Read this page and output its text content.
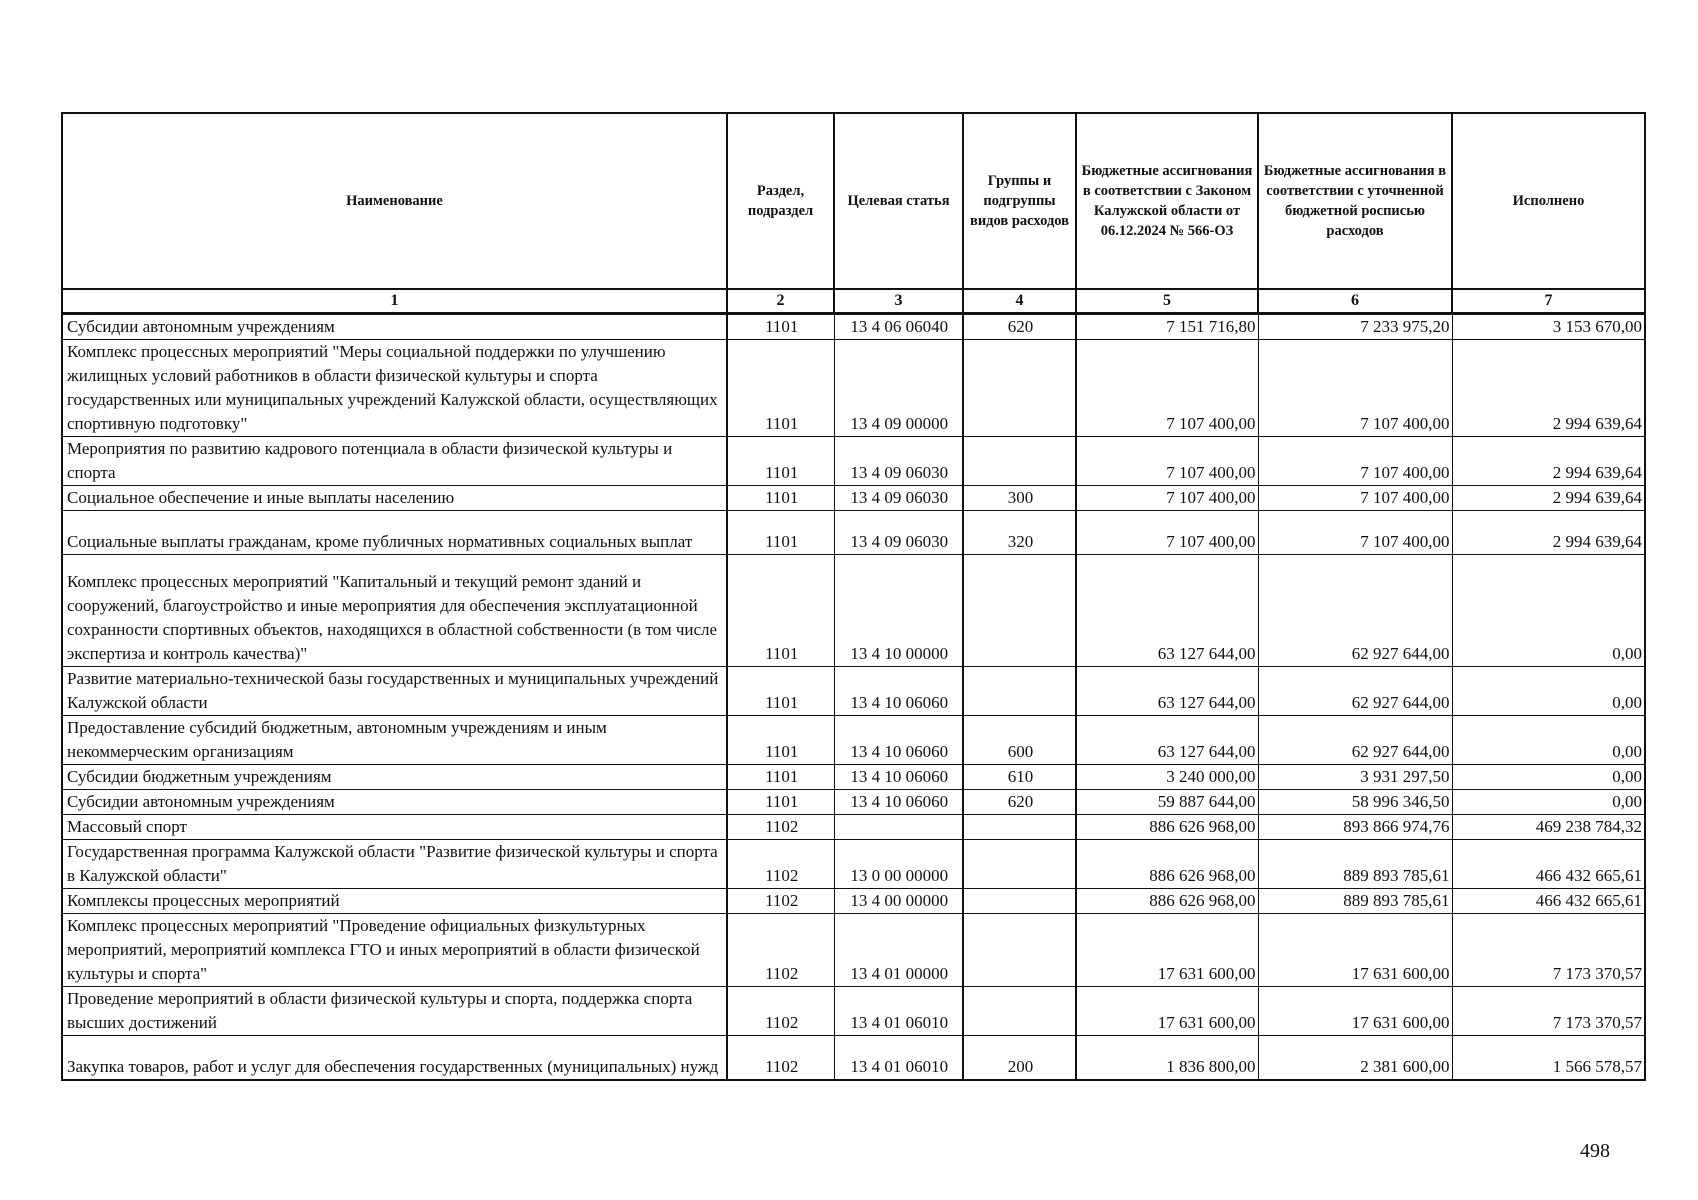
Наименование	Раздел, подраздел	Целевая статья	Группы и подгруппы видов расходов	Бюджетные ассигнования в соответствии с Законом Калужской области от 06.12.2024 № 566-ОЗ	Бюджетные ассигнования в соответствии с уточненной бюджетной росписью расходов	Исполнено
1	2	3	4	5	6	7
Субсидии автономным учреждениям	1101	13 4 06 06040	620	7 151 716,80	7 233 975,20	3 153 670,00
Комплекс процессных мероприятий "Меры социальной поддержки по улучшению жилищных условий работников в области физической культуры и спорта государственных или муниципальных учреждений Калужской области, осуществляющих спортивную подготовку"	1101	13 4 09 00000		7 107 400,00	7 107 400,00	2 994 639,64
Мероприятия по развитию кадрового потенциала в области физической культуры и спорта	1101	13 4 09 06030		7 107 400,00	7 107 400,00	2 994 639,64
Социальное обеспечение и иные выплаты населению	1101	13 4 09 06030	300	7 107 400,00	7 107 400,00	2 994 639,64
Социальные выплаты гражданам, кроме публичных нормативных социальных выплат	1101	13 4 09 06030	320	7 107 400,00	7 107 400,00	2 994 639,64
Комплекс процессных мероприятий "Капитальный и текущий ремонт зданий и сооружений, благоустройство и иные мероприятия для обеспечения эксплуатационной сохранности спортивных объектов, находящихся в областной собственности (в том числе экспертиза и контроль качества)"	1101	13 4 10 00000		63 127 644,00	62 927 644,00	0,00
Развитие материально-технической базы государственных и муниципальных учреждений Калужской области	1101	13 4 10 06060		63 127 644,00	62 927 644,00	0,00
Предоставление субсидий бюджетным, автономным учреждениям и иным некоммерческим организациям	1101	13 4 10 06060	600	63 127 644,00	62 927 644,00	0,00
Субсидии бюджетным учреждениям	1101	13 4 10 06060	610	3 240 000,00	3 931 297,50	0,00
Субсидии автономным учреждениям	1101	13 4 10 06060	620	59 887 644,00	58 996 346,50	0,00
Массовый спорт	1102			886 626 968,00	893 866 974,76	469 238 784,32
Государственная программа Калужской области "Развитие физической культуры и спорта в Калужской области"	1102	13 0 00 00000		886 626 968,00	889 893 785,61	466 432 665,61
Комплексы процессных мероприятий	1102	13 4 00 00000		886 626 968,00	889 893 785,61	466 432 665,61
Комплекс процессных мероприятий "Проведение официальных физкультурных мероприятий, мероприятий комплекса ГТО и иных мероприятий в области физической культуры и спорта"	1102	13 4 01 00000		17 631 600,00	17 631 600,00	7 173 370,57
Проведение мероприятий в области физической культуры и спорта, поддержка спорта высших достижений	1102	13 4 01 06010		17 631 600,00	17 631 600,00	7 173 370,57
Закупка товаров, работ и услуг для обеспечения государственных (муниципальных) нужд	1102	13 4 01 06010	200	1 836 800,00	2 381 600,00	1 566 578,57
498
